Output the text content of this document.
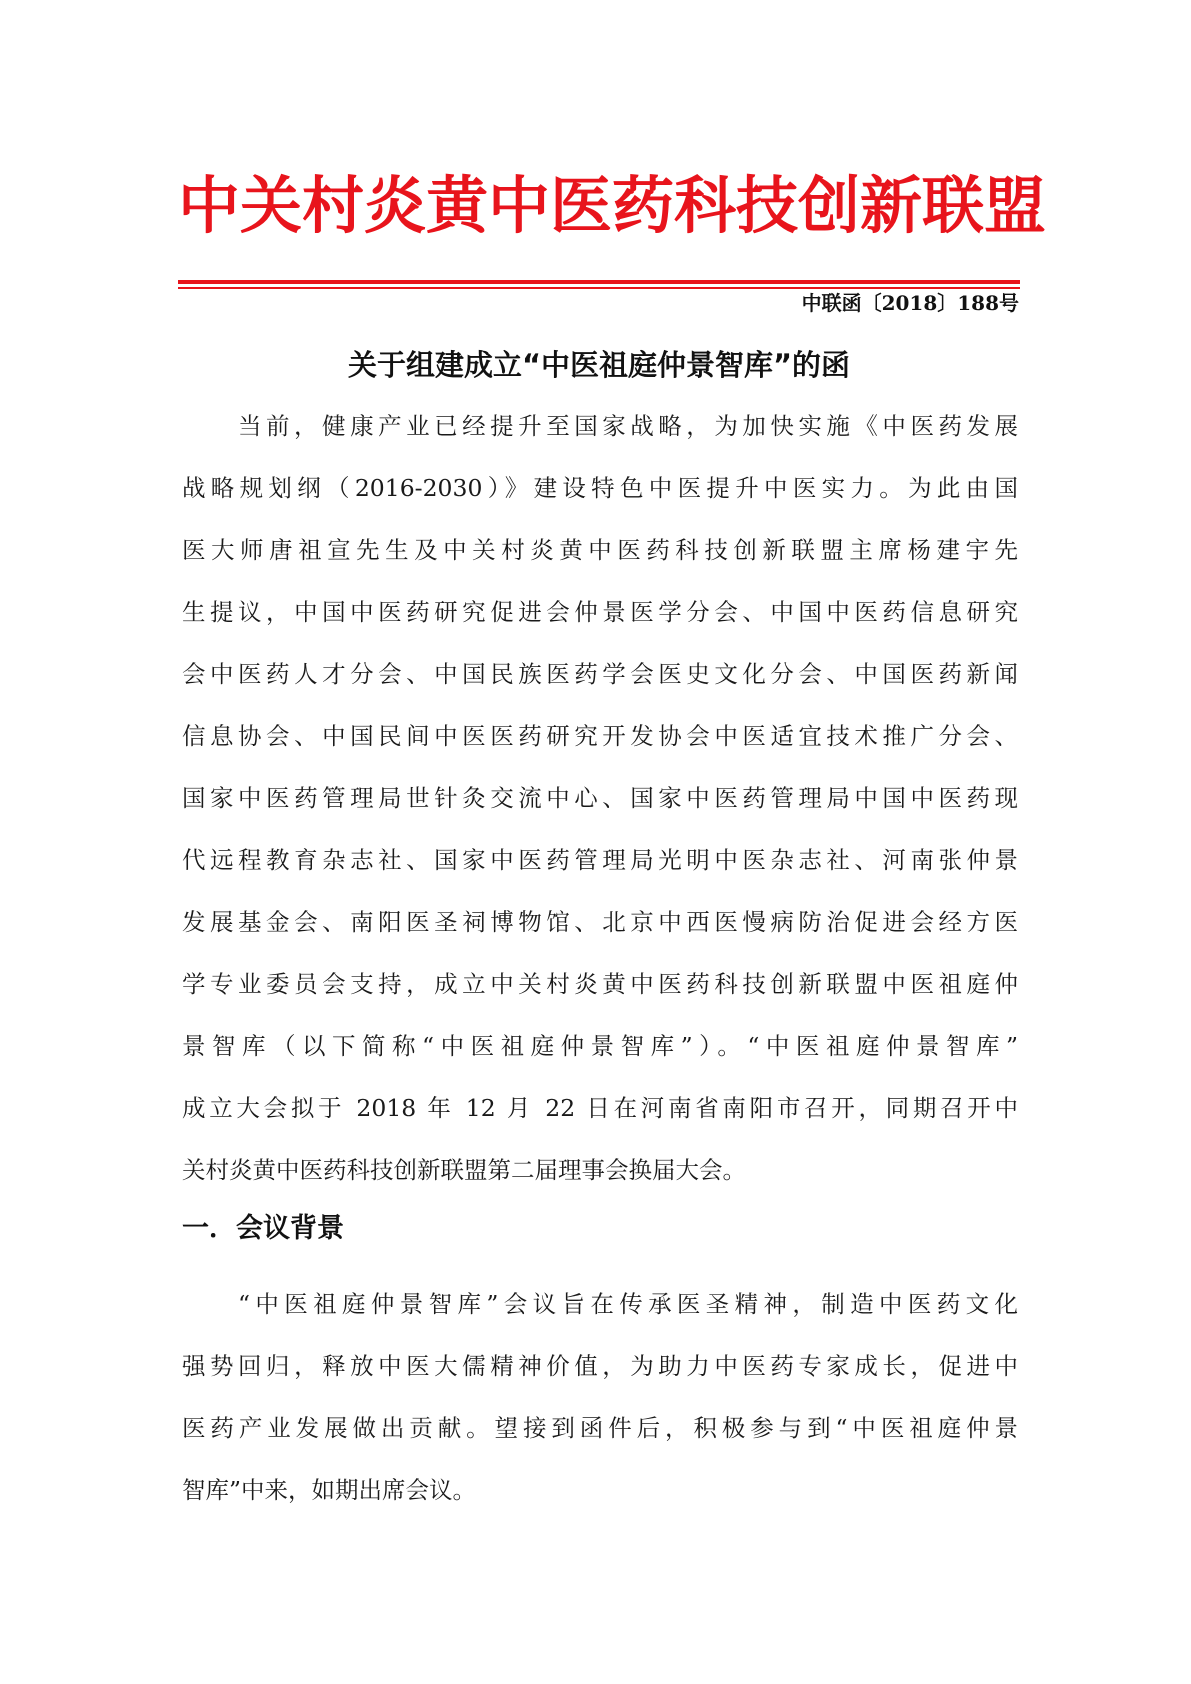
中关村炎黄中医药科技创新联盟
中联函〔2018〕188号
关于组建成立“中医祖庭仲景智库”的函
当前，健康产业已经提升至国家战略，为加快实施《中医药发展
战略规划纲（2016-2030）》建设特色中医提升中医实力。为此由国
医大师唐祖宣先生及中关村炎黄中医药科技创新联盟主席杨建宇先
生提议，中国中医药研究促进会仲景医学分会、中国中医药信息研究
会中医药人才分会、中国民族医药学会医史文化分会、中国医药新闻
信息协会、中国民间中医医药研究开发协会中医适宜技术推广分会、
国家中医药管理局世针灸交流中心、国家中医药管理局中国中医药现
代远程教育杂志社、国家中医药管理局光明中医杂志社、河南张仲景
发展基金会、南阳医圣祠博物馆、北京中西医慢病防治促进会经方医
学专业委员会支持，成立中关村炎黄中医药科技创新联盟中医祖庭仲
景智库（以下简称“中医祖庭仲景智库”）。“中医祖庭仲景智库”
成立大会拟于 2018 年 12 月 22 日在河南省南阳市召开，同期召开中
关村炎黄中医药科技创新联盟第二届理事会换届大会。
一．会议背景
“中医祖庭仲景智库”会议旨在传承医圣精神，制造中医药文化
强势回归，释放中医大儒精神价值，为助力中医药专家成长，促进中
医药产业发展做出贡献。望接到函件后，积极参与到“中医祖庭仲景
智库”中来，如期出席会议。
